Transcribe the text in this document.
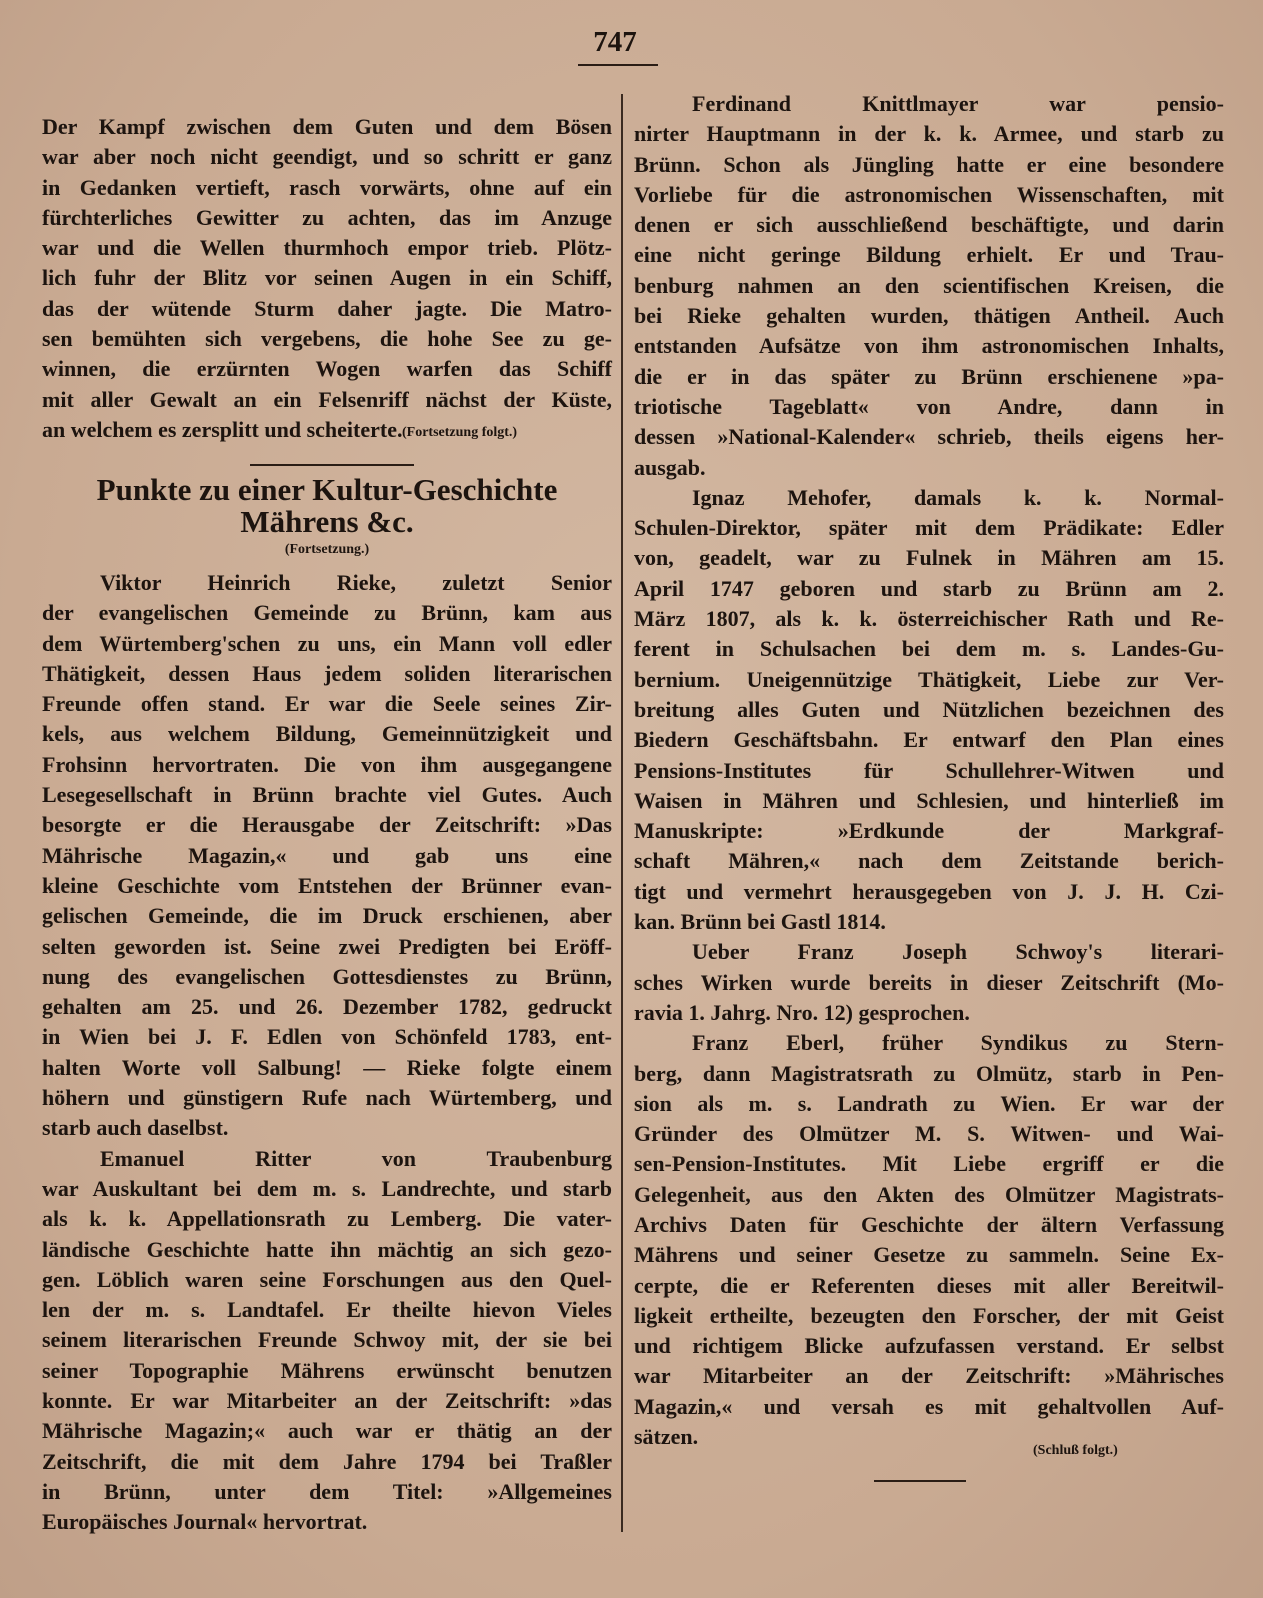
747
Der Kampf zwischen dem Guten und dem Bösen
war aber noch nicht geendigt, und so schritt er ganz
in Gedanken vertieft, rasch vorwärts, ohne auf ein
fürchterliches Gewitter zu achten, das im Anzuge
war und die Wellen thurmhoch empor trieb. Plötz-
lich fuhr der Blitz vor seinen Augen in ein Schiff,
das der wütende Sturm daher jagte. Die Matro-
sen bemühten sich vergebens, die hohe See zu ge-
winnen, die erzürnten Wogen warfen das Schiff
mit aller Gewalt an ein Felsenriff nächst der Küste,
an welchem es zersplitt und scheiterte. (Fortsetzung folgt.)
Punkte zu einer Kultur-Geschichte
Mährens &c.
(Fortsetzung.)
Viktor Heinrich Rieke, zuletzt Senior
der evangelischen Gemeinde zu Brünn, kam aus
dem Würtemberg'schen zu uns, ein Mann voll edler
Thätigkeit, dessen Haus jedem soliden literarischen
Freunde offen stand. Er war die Seele seines Zir-
kels, aus welchem Bildung, Gemeinnützigkeit und
Frohsinn hervortraten. Die von ihm ausgegangene
Lesegesellschaft in Brünn brachte viel Gutes. Auch
besorgte er die Herausgabe der Zeitschrift: »Das
Mährische Magazin,« und gab uns eine
kleine Geschichte vom Entstehen der Brünner evan-
gelischen Gemeinde, die im Druck erschienen, aber
selten geworden ist. Seine zwei Predigten bei Eröff-
nung des evangelischen Gottesdienstes zu Brünn,
gehalten am 25. und 26. Dezember 1782, gedruckt
in Wien bei J. F. Edlen von Schönfeld 1783, ent-
halten Worte voll Salbung! — Rieke folgte einem
höhern und günstigern Rufe nach Würtemberg, und
starb auch daselbst.
Emanuel Ritter von Traubenburg
war Auskultant bei dem m. s. Landrechte, und starb
als k. k. Appellationsrath zu Lemberg. Die vater-
ländische Geschichte hatte ihn mächtig an sich gezo-
gen. Löblich waren seine Forschungen aus den Quel-
len der m. s. Landtafel. Er theilte hievon Vieles
seinem literarischen Freunde Schwoy mit, der sie bei
seiner Topographie Mährens erwünscht benutzen
konnte. Er war Mitarbeiter an der Zeitschrift: »das
Mährische Magazin;« auch war er thätig an der
Zeitschrift, die mit dem Jahre 1794 bei Traßler
in Brünn, unter dem Titel: »Allgemeines
Europäisches Journal« hervortrat.
Ferdinand Knittlmayer war pensio-
nirter Hauptmann in der k. k. Armee, und starb zu
Brünn. Schon als Jüngling hatte er eine besondere
Vorliebe für die astronomischen Wissenschaften, mit
denen er sich ausschließend beschäftigte, und darin
eine nicht geringe Bildung erhielt. Er und Trau-
benburg nahmen an den scientifischen Kreisen, die
bei Rieke gehalten wurden, thätigen Antheil. Auch
entstanden Aufsätze von ihm astronomischen Inhalts,
die er in das später zu Brünn erschienene »pa-
triotische Tageblatt« von Andre, dann in
dessen »National-Kalender« schrieb, theils eigens her-
ausgab.
Ignaz Mehofer, damals k. k. Normal-
Schulen-Direktor, später mit dem Prädikate: Edler
von, geadelt, war zu Fulnek in Mähren am 15.
April 1747 geboren und starb zu Brünn am 2.
März 1807, als k. k. österreichischer Rath und Re-
ferent in Schulsachen bei dem m. s. Landes-Gu-
bernium. Uneigennützige Thätigkeit, Liebe zur Ver-
breitung alles Guten und Nützlichen bezeichnen des
Biedern Geschäftsbahn. Er entwarf den Plan eines
Pensions-Institutes für Schullehrer-Witwen und
Waisen in Mähren und Schlesien, und hinterließ im
Manuskripte: »Erdkunde der Markgraf-
schaft Mähren,« nach dem Zeitstande berich-
tigt und vermehrt herausgegeben von J. J. H. Czi-
kan. Brünn bei Gastl 1814.
Ueber Franz Joseph Schwoy's literari-
sches Wirken wurde bereits in dieser Zeitschrift (Mo-
ravia 1. Jahrg. Nro. 12) gesprochen.
Franz Eberl, früher Syndikus zu Stern-
berg, dann Magistratsrath zu Olmütz, starb in Pen-
sion als m. s. Landrath zu Wien. Er war der
Gründer des Olmützer M. S. Witwen- und Wai-
sen-Pension-Institutes. Mit Liebe ergriff er die
Gelegenheit, aus den Akten des Olmützer Magistrats-
Archivs Daten für Geschichte der ältern Verfassung
Mährens und seiner Gesetze zu sammeln. Seine Ex-
cerpte, die er Referenten dieses mit aller Bereitwil-
ligkeit ertheilte, bezeugten den Forscher, der mit Geist
und richtigem Blicke aufzufassen verstand. Er selbst
war Mitarbeiter an der Zeitschrift: »Mährisches
Magazin,« und versah es mit gehaltvollen Auf-
sätzen.
(Schluß folgt.)
